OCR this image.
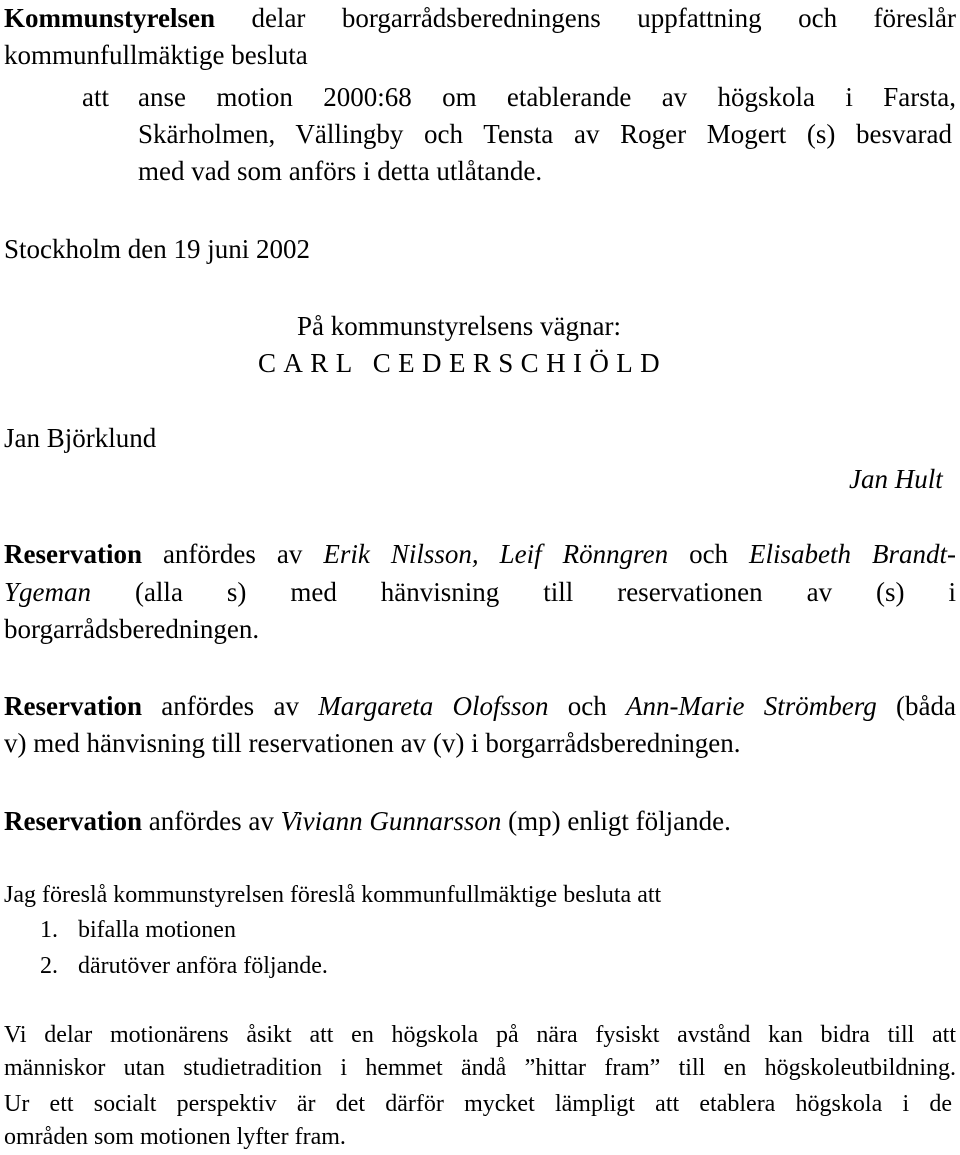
Kommunstyrelsen delar borgarrådsberedningens uppfattning och föreslår
kommunfullmäktige besluta
att anse motion 2000:68 om etablerande av högskola i Farsta,
Skärholmen, Vällingby och Tensta av Roger Mogert (s) besvarad
med vad som anförs i detta utlåtande.
Stockholm den 19 juni 2002
På kommunstyrelsens vägnar:
CARL CEDERSCHIÖLD
Jan Björklund
Jan Hult
Reservation anfördes av Erik Nilsson, Leif Rönngren och Elisabeth Brandt-
Ygeman (alla s) med hänvisning till reservationen av (s) i
borgarrådsberedningen.
Reservation anfördes av Margareta Olofsson och Ann-Marie Strömberg (båda
v) med hänvisning till reservationen av (v) i borgarrådsberedningen.
Reservation anfördes av Viviann Gunnarsson (mp) enligt följande.
Jag föreslå kommunstyrelsen föreslå kommunfullmäktige besluta att
1. bifalla motionen
2. därutöver anföra följande.
Vi delar motionärens åsikt att en högskola på nära fysiskt avstånd kan bidra till att
människor utan studietradition i hemmet ändå ”hittar fram” till en högskoleutbildning.
Ur ett socialt perspektiv är det därför mycket lämpligt att etablera högskola i de
områden som motionen lyfter fram.
